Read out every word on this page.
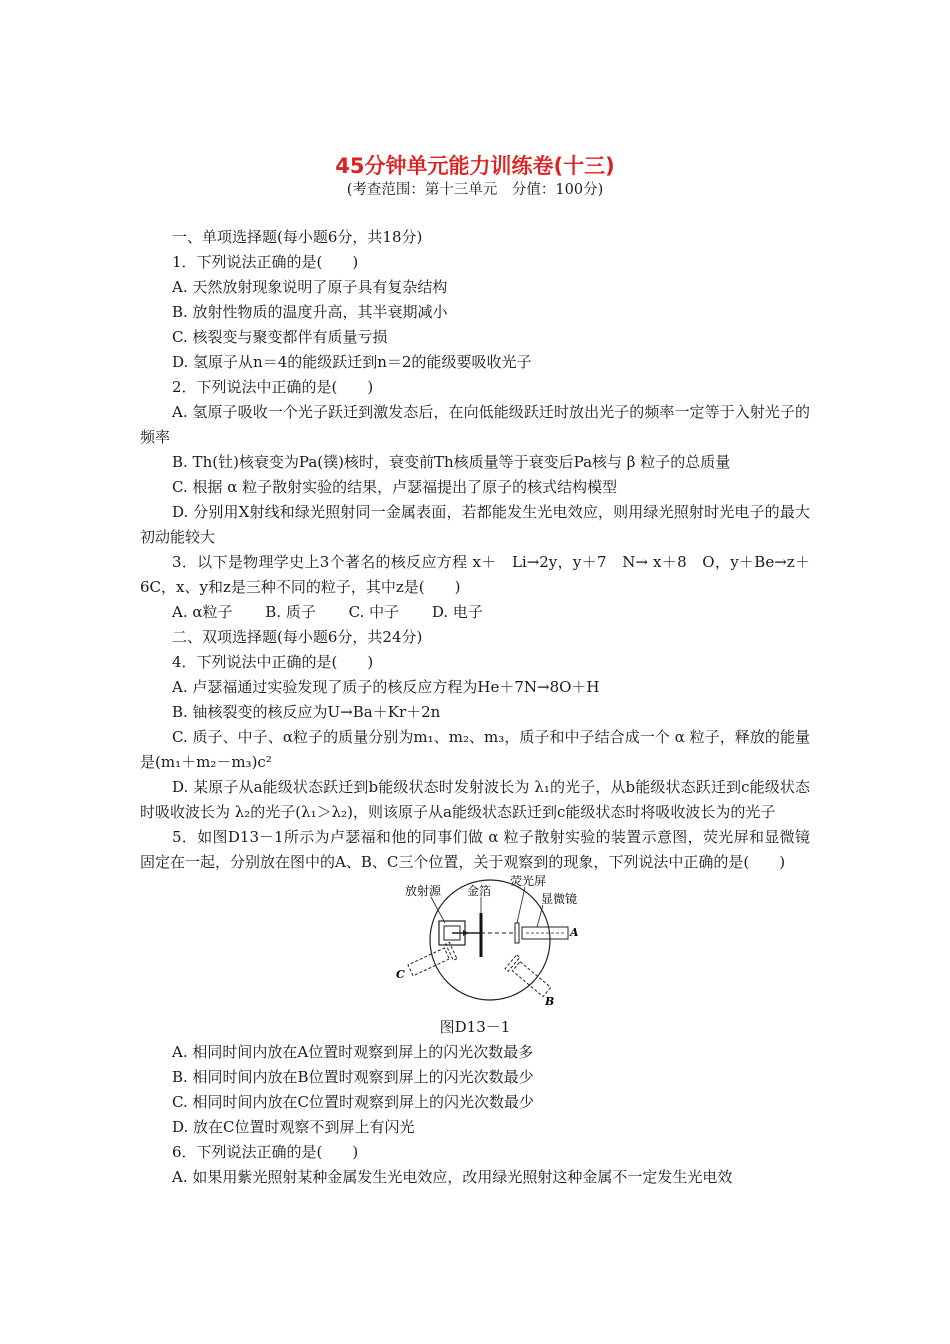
45分钟单元能力训练卷(十三)
(考查范围：第十三单元　分值：100分)
一、单项选择题(每小题6分，共18分)
1．下列说法正确的是(　　)
A. 天然放射现象说明了原子具有复杂结构
B. 放射性物质的温度升高，其半衰期减小
C. 核裂变与聚变都伴有质量亏损
D. 氢原子从n＝4的能级跃迁到n＝2的能级要吸收光子
2．下列说法中正确的是(　　)
A. 氢原子吸收一个光子跃迁到激发态后，在向低能级跃迁时放出光子的频率一定等于入射光子的频率
B. Th(钍)核衰变为Pa(镤)核时，衰变前Th核质量等于衰变后Pa核与 β 粒子的总质量
C. 根据 α 粒子散射实验的结果，卢瑟福提出了原子的核式结构模型
D. 分别用X射线和绿光照射同一金属表面，若都能发生光电效应，则用绿光照射时光电子的最大初动能较大
3．以下是物理学史上3个著名的核反应方程 x＋　Li→2y，y＋7　N→ x＋8　O，y＋Be→z＋6C，x、y和z是三种不同的粒子，其中z是(　　)
A. α粒子 B. 质子 C. 中子 D. 电子
二、双项选择题(每小题6分，共24分)
4．下列说法中正确的是(　　)
A. 卢瑟福通过实验发现了质子的核反应方程为He＋7N→8O＋H
B. 铀核裂变的核反应为U→Ba＋Kr＋2n
C. 质子、中子、α粒子的质量分别为m₁、m₂、m₃，质子和中子结合成一个 α 粒子，释放的能量是(m₁＋m₂－m₃)c²
D. 某原子从a能级状态跃迁到b能级状态时发射波长为 λ₁的光子，从b能级状态跃迁到c能级状态时吸收波长为 λ₂的光子(λ₁＞λ₂)，则该原子从a能级状态跃迁到c能级状态时将吸收波长为的光子
5．如图D13－1所示为卢瑟福和他的同事们做 α 粒子散射实验的装置示意图，荧光屏和显微镜固定在一起，分别放在图中的A、B、C三个位置，关于观察到的现象，下列说法中正确的是(　　)
放射源 金箔
荧光屏
显微镜
A
B
C
图D13－1
A. 相同时间内放在A位置时观察到屏上的闪光次数最多
B. 相同时间内放在B位置时观察到屏上的闪光次数最少
C. 相同时间内放在C位置时观察到屏上的闪光次数最少
D. 放在C位置时观察不到屏上有闪光
6．下列说法正确的是(　　)
A. 如果用紫光照射某种金属发生光电效应，改用绿光照射这种金属不一定发生光电效
